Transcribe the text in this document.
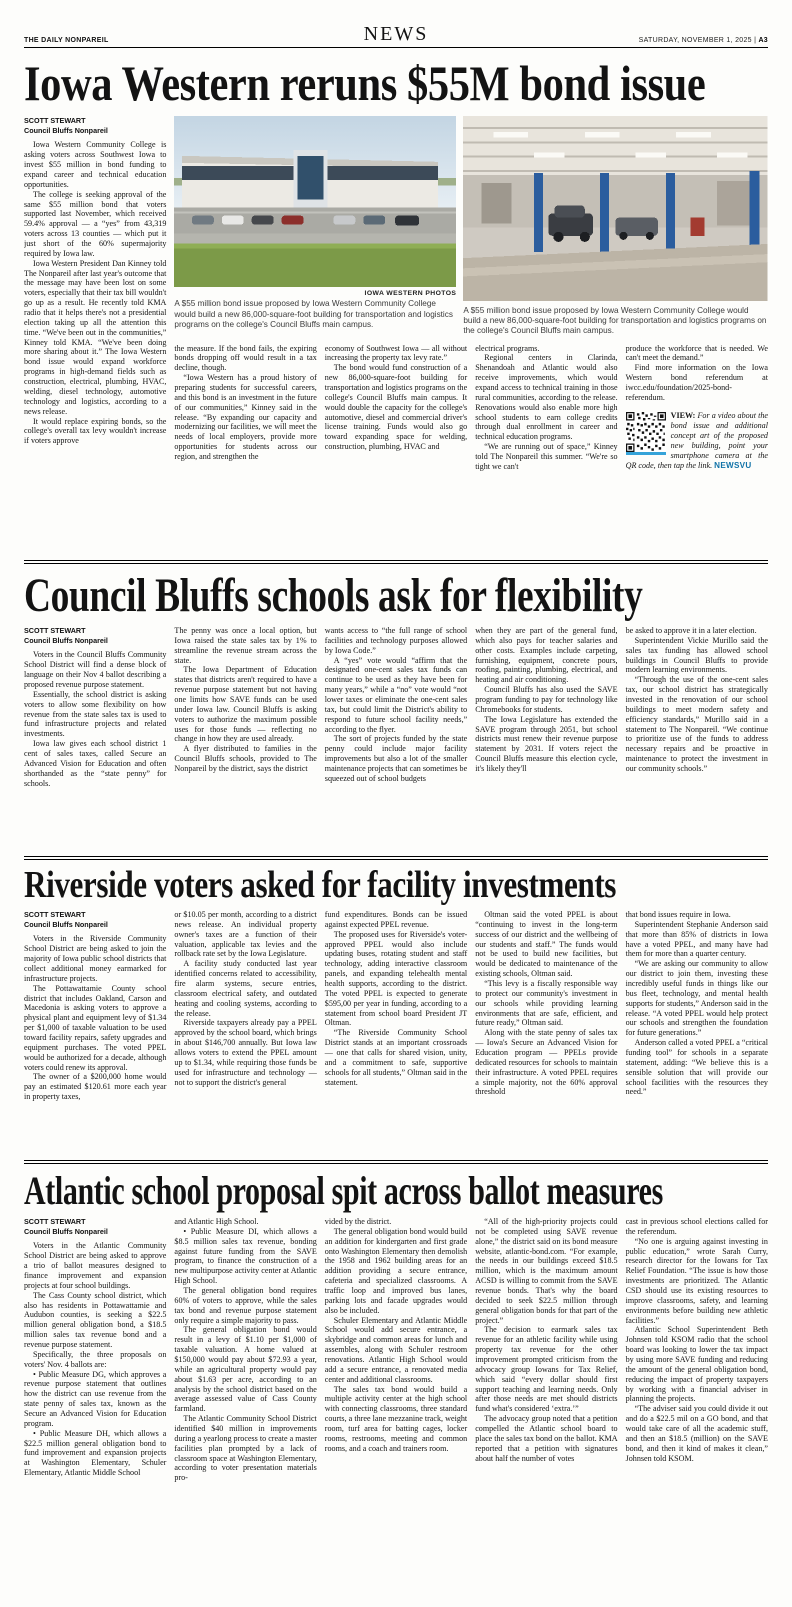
THE DAILY NONPAREIL	NEWS	SATURDAY, NOVEMBER 1, 2025 | A3
Iowa Western reruns $55M bond issue
SCOTT STEWART
Council Bluffs Nonpareil

Iowa Western Community College is asking voters across Southwest Iowa to invest $55 million in bond funding to expand career and technical education opportunities.

The college is seeking approval of the same $55 million bond that voters supported last November, which received 59.4% approval — a “yes” from 43,319 voters across 13 counties — which put it just short of the 60% supermajority required by Iowa law.

Iowa Western President Dan Kinney told The Nonpareil after last year's outcome that the message may have been lost on some voters, especially that their tax bill wouldn't go up as a result. He recently told KMA radio that it helps there's not a presidential election taking up all the attention this time. “We've been out in the communities,” Kinney told KMA. “We've been doing more sharing about it.” The Iowa Western bond issue would expand workforce programs in high-demand fields such as construction, electrical, plumbing, HVAC, welding, diesel technology, automotive technology and logistics, according to a news release.

It would replace expiring bonds, so the college's overall tax levy wouldn't increase if voters approve

IOWA WESTERN PHOTOS
A $55 million bond issue proposed by Iowa Western Community College would build a new 86,000-square-foot building for transportation and logistics programs on the college's Council Bluffs main campus.
A $55 million bond issue proposed by Iowa Western Community College would build a new 86,000-square-foot building for transportation and logistics programs on the college's Council Bluffs main campus.

the measure. If the bond fails, the expiring bonds dropping off would result in a tax decline, though.

“Iowa Western has a proud history of preparing students for successful careers, and this bond is an investment in the future of our communities,” Kinney said in the release. “By expanding our capacity and modernizing our facilities, we will meet the needs of local employers, provide more opportunities for students across our region, and strengthen the

economy of Southwest Iowa — all without increasing the property tax levy rate.”

The bond would fund construction of a new 86,000-square-foot building for transportation and logistics programs on the college's Council Bluffs main campus. It would double the capacity for the college's automotive, diesel and commercial driver's license training. Funds would also go toward expanding space for welding, construction, plumbing, HVAC and

electrical programs.

Regional centers in Clarinda, Shenandoah and Atlantic would also receive improvements, which would expand access to technical training in those rural communities, according to the release. Renovations would also enable more high school students to earn college credits through dual enrollment in career and technical education programs.

“We are running out of space,” Kinney told The Nonpareil this summer. “We're so tight we can't

produce the workforce that is needed. We can't meet the demand.”

Find more information on the Iowa Western bond referendum at iwcc.edu/foundation/2025-bond-referendum.

VIEW: For a video about the bond issue and additional concept art of the proposed new building, point your smartphone camera at the QR code, then tap the link. NEWSVU
Council Bluffs schools ask for flexibility
SCOTT STEWART
Council Bluffs Nonpareil

Voters in the Council Bluffs Community School District will find a dense block of language on their Nov 4 ballot describing a proposed revenue purpose statement.

Essentially, the school district is asking voters to allow some flexibility on how revenue from the state sales tax is used to fund infrastructure projects and related investments.

Iowa law gives each school district 1 cent of sales taxes, called Secure an Advanced Vision for Education and often shorthanded as the “state penny” for schools.

The penny was once a local option, but Iowa raised the state sales tax by 1% to streamline the revenue stream across the state.

The Iowa Department of Education states that districts aren't required to have a revenue purpose statement but not having one limits how SAVE funds can be used under Iowa law. Council Bluffs is asking voters to authorize the maximum possible uses for those funds — reflecting no change in how they are used already.

A flyer distributed to families in the Council Bluffs schools, provided to The Nonpareil by the district, says the district

wants access to “the full range of school facilities and technology purposes allowed by Iowa Code.”

A “yes” vote would “affirm that the designated one-cent sales tax funds can continue to be used as they have been for many years,” while a “no” vote would “not lower taxes or eliminate the one-cent sales tax, but could limit the District's ability to respond to future school facility needs,” according to the flyer.

The sort of projects funded by the state penny could include major facility improvements but also a lot of the smaller maintenance projects that can sometimes be squeezed out of school budgets

when they are part of the general fund, which also pays for teacher salaries and other costs. Examples include carpeting, furnishing, equipment, concrete pours, roofing, painting, plumbing, electrical, and heating and air conditioning.

Council Bluffs has also used the SAVE program funding to pay for technology like Chromebooks for students.

The Iowa Legislature has extended the SAVE program through 2051, but school districts must renew their revenue purpose statement by 2031. If voters reject the Council Bluffs measure this election cycle, it's likely they'll

be asked to approve it in a later election.

Superintendent Vickie Murillo said the sales tax funding has allowed school buildings in Council Bluffs to provide modern learning environments.

“Through the use of the one-cent sales tax, our school district has strategically invested in the renovation of our school buildings to meet modern safety and efficiency standards,” Murillo said in a statement to The Nonpareil. “We continue to prioritize use of the funds to address necessary repairs and be proactive in maintenance to protect the investment in our community schools.”

Riverside voters asked for facility investments
SCOTT STEWART
Council Bluffs Nonpareil

Voters in the Riverside Community School District are being asked to join the majority of Iowa public school districts that collect additional money earmarked for infrastructure projects.

The Pottawattamie County school district that includes Oakland, Carson and Macedonia is asking voters to approve a physical plant and equipment levy of $1.34 per $1,000 of taxable valuation to be used toward facility repairs, safety upgrades and equipment purchases. The voted PPEL would be authorized for a decade, although voters could renew its approval.

The owner of a $200,000 home would pay an estimated $120.61 more each year in property taxes,

or $10.05 per month, according to a district news release. An individual property owner's taxes are a function of their valuation, applicable tax levies and the rollback rate set by the Iowa Legislature.

A facility study conducted last year identified concerns related to accessibility, fire alarm systems, secure entries, classroom electrical safety, and outdated heating and cooling systems, according to the release.

Riverside taxpayers already pay a PPEL approved by the school board, which brings in about $146,700 annually. But Iowa law allows voters to extend the PPEL amount up to $1.34, while requiring those funds be used for infrastructure and technology — not to support the district's general

fund expenditures. Bonds can be issued against expected PPEL revenue.

The proposed uses for Riverside's voter-approved PPEL would also include updating buses, rotating student and staff technology, adding interactive classroom panels, and expanding telehealth mental health supports, according to the district. The voted PPEL is expected to generate $595,00 per year in funding, according to a statement from school board President JT Oltman.

“The Riverside Community School District stands at an important crossroads — one that calls for shared vision, unity, and a commitment to safe, supportive schools for all students,” Oltman said in the statement.

Oltman said the voted PPEL is about “continuing to invest in the long-term success of our district and the wellbeing of our students and staff.” The funds would not be used to build new facilities, but would be dedicated to maintenance of the existing schools, Oltman said.

“This levy is a fiscally responsible way to protect our community's investment in our schools while providing learning environments that are safe, efficient, and future ready,” Oltman said.

Along with the state penny of sales tax — Iowa's Secure an Advanced Vision for Education program — PPELs provide dedicated resources for schools to maintain their infrastructure. A voted PPEL requires a simple majority, not the 60% approval threshold

that bond issues require in Iowa.

Superintendent Stephanie Anderson said that more than 85% of districts in Iowa have a voted PPEL, and many have had them for more than a quarter century.

“We are asking our community to allow our district to join them, investing these incredibly useful funds in things like our bus fleet, technology, and mental health supports for students,” Anderson said in the release. “A voted PPEL would help protect our schools and strengthen the foundation for future generations.”

Anderson called a voted PPEL a “critical funding tool” for schools in a separate statement, adding: “We believe this is a sensible solution that will provide our school facilities with the resources they need.”

Atlantic school proposal spit across ballot measures
SCOTT STEWART
Council Bluffs Nonpareil

Voters in the Atlantic Community School District are being asked to approve a trio of ballot measures designed to finance improvement and expansion projects at four school buildings.

The Cass County school district, which also has residents in Pottawattamie and Audubon counties, is seeking a $22.5 million general obligation bond, a $18.5 million sales tax revenue bond and a revenue purpose statement.

Specifically, the three proposals on voters' Nov. 4 ballots are:

• Public Measure DG, which approves a revenue purpose statement that outlines how the district can use revenue from the state penny of sales tax, known as the Secure an Advanced Vision for Education program.

• Public Measure DH, which allows a $22.5 million general obligation bond to fund improvement and expansion projects at Washington Elementary, Schuler Elementary, Atlantic Middle School

and Atlantic High School.

• Public Measure DI, which allows a $8.5 million sales tax revenue, bonding against future funding from the SAVE program, to finance the construction of a new multipurpose activity center at Atlantic High School.

The general obligation bond requires 60% of voters to approve, while the sales tax bond and revenue purpose statement only require a simple majority to pass.

The general obligation bond would result in a levy of $1.10 per $1,000 of taxable valuation. A home valued at $150,000 would pay about $72.93 a year, while an agricultural property would pay about $1.63 per acre, according to an analysis by the school district based on the average assessed value of Cass County farmland.

The Atlantic Community School District identified $40 million in improvements during a yearlong process to create a master facilities plan prompted by a lack of classroom space at Washington Elementary, according to voter presentation materials pro-

vided by the district.

The general obligation bond would build an addition for kindergarten and first grade onto Washington Elementary then demolish the 1958 and 1962 building areas for an addition providing a secure entrance, cafeteria and specialized classrooms. A traffic loop and improved bus lanes, parking lots and facade upgrades would also be included.

Schuler Elementary and Atlantic Middle School would add secure entrance, a skybridge and common areas for lunch and assembles, along with Schuler restroom renovations. Atlantic High School would add a secure entrance, a renovated media center and additional classrooms.

The sales tax bond would build a multiple activity center at the high school with connecting classrooms, three standard courts, a three lane mezzanine track, weight room, turf area for batting cages, locker rooms, restrooms, meeting and common rooms, and a coach and trainers room.

“All of the high-priority projects could not be completed using SAVE revenue alone,” the district said on its bond measure website, atlantic-bond.com. “For example, the needs in our buildings exceed $18.5 million, which is the maximum amount ACSD is willing to commit from the SAVE revenue bonds. That's why the board decided to seek $22.5 million through general obligation bonds for that part of the project.”

The decision to earmark sales tax revenue for an athletic facility while using property tax revenue for the other improvement prompted criticism from the advocacy group Iowans for Tax Relief, which said “every dollar should first support teaching and learning needs. Only after those needs are met should districts fund what's considered ‘extra.’”

The advocacy group noted that a petition compelled the Atlantic school board to place the sales tax bond on the ballot. KMA reported that a petition with signatures about half the number of votes

cast in previous school elections called for the referendum.

“No one is arguing against investing in public education,” wrote Sarah Curry, research director for the Iowans for Tax Relief Foundation. “The issue is how those investments are prioritized. The Atlantic CSD should use its existing resources to improve classrooms, safety, and learning environments before building new athletic facilities.”

Atlantic School Superintendent Beth Johnsen told KSOM radio that the school board was looking to lower the tax impact by using more SAVE funding and reducing the amount of the general obligation bond, reducing the impact of property taxpayers by working with a financial adviser in planning the projects.

“The adviser said you could divide it out and do a $22.5 mil on a GO bond, and that would take care of all the academic stuff, and then an $18.5 (million) on the SAVE bond, and then it kind of makes it clean,” Johnsen told KSOM.
